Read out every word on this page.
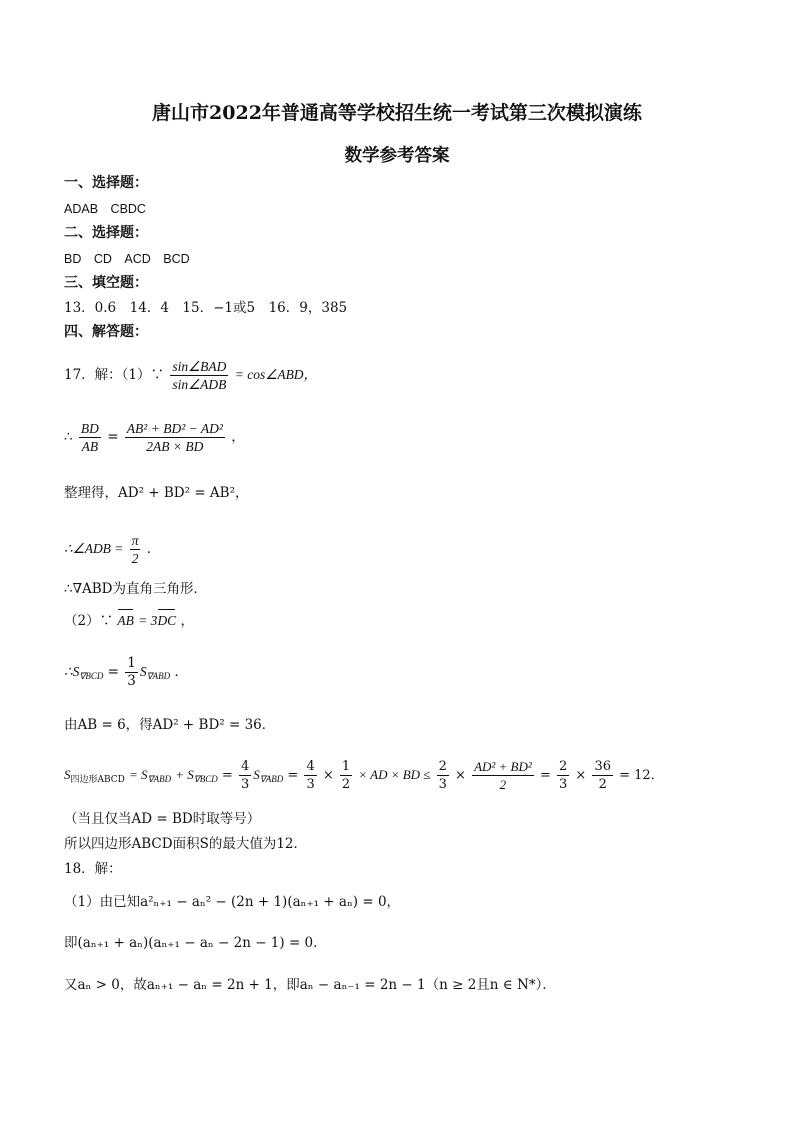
唐山市2022年普通高等学校招生统一考试第三次模拟演练
数学参考答案
一、选择题：
ADAB　CBDC
二、选择题：
BD　CD　ACD　BCD
三、填空题：
13．0.6　14．4　15．−1或5　16．9，385
四、解答题：
17．解：（1）∵ $\frac{\text{sin∠BAD}}{\text{sin∠ADB}}$ = cos∠ABD，
∴ $\frac{BD}{AB} = \frac{\text{AB² + BD² − AD²}}{2AB \times BD}$ ，
整理得，AD² + BD² = AB²，
∴∠ADB = $\frac{\pi}{2}$ ．
∴∇ABD为直角三角形．
（2）∵ AB = 3DC ，
$\therefore S_{\nabla BCD} = \frac{1}{3} S_{\nabla ABD}$ ．
由AB = 6，得AD² + BD² = 36．
$S_{四边形ABCD} = S_{\nabla ABD} + S_{\nabla BCD} = \frac{4}{3} S_{\nabla ABD} = \frac{4}{3} \times \frac{1}{2}$ × AD × BD ≤ $\frac{2}{3} \times \frac{\text{AD² + BD²}}{2} = \frac{2}{3} \times \frac{36}{2} = 12$．
（当且仅当AD = BD时取等号）
所以四边形ABCD面积S的最大值为12．
18．解：
（1）由已知a²ₙ₊₁ − aₙ² − (2n + 1)(aₙ₊₁ + aₙ) = 0，
即(aₙ₊₁ + aₙ)(aₙ₊₁ − aₙ − 2n − 1) = 0．
又aₙ > 0，故aₙ₊₁ − aₙ = 2n + 1，即aₙ − aₙ₋₁ = 2n − 1（n ≥ 2且n ∈ N*）．
